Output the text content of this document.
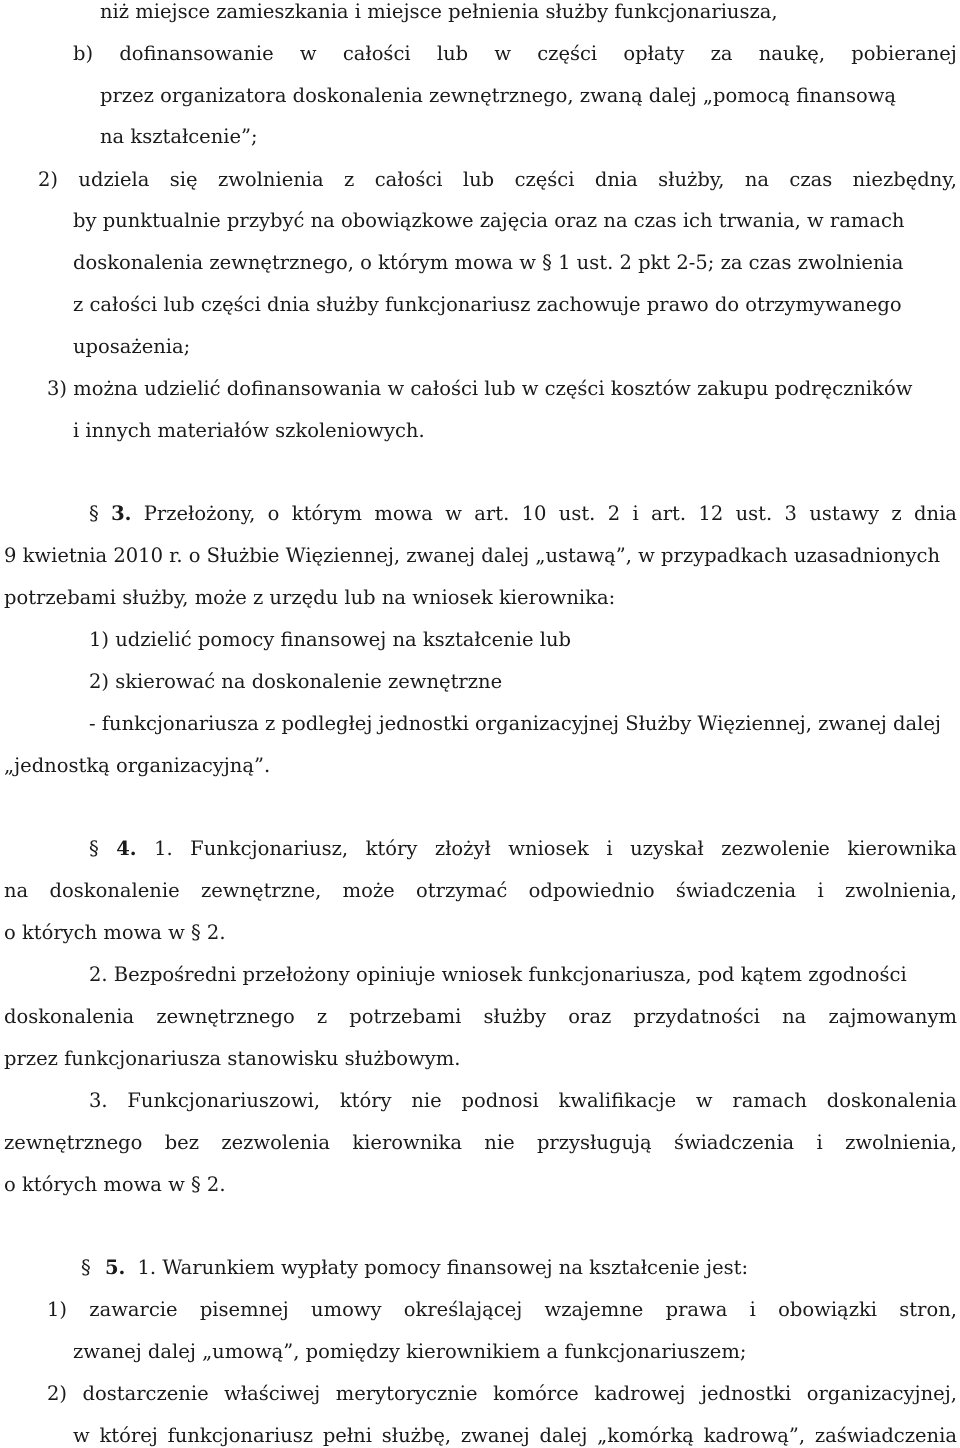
niż miejsce zamieszkania i miejsce pełnienia służby funkcjonariusza,
b) dofinansowanie w całości lub w części opłaty za naukę, pobieranej
przez organizatora doskonalenia zewnętrznego, zwaną dalej „pomocą finansową
na kształcenie”;
2) udziela się zwolnienia z całości lub części dnia służby, na czas niezbędny,
by punktualnie przybyć na obowiązkowe zajęcia oraz na czas ich trwania, w ramach
doskonalenia zewnętrznego, o którym mowa w § 1 ust. 2 pkt 2-5; za czas zwolnienia
z całości lub części dnia służby funkcjonariusz zachowuje prawo do otrzymywanego
uposażenia;
3) można udzielić dofinansowania w całości lub w części kosztów zakupu podręczników
i innych materiałów szkoleniowych.
§ 3. Przełożony, o którym mowa w art. 10 ust. 2 i art. 12 ust. 3 ustawy z dnia
9 kwietnia 2010 r. o Służbie Więziennej, zwanej dalej „ustawą”, w przypadkach uzasadnionych
potrzebami służby, może z urzędu lub na wniosek kierownika:
1) udzielić pomocy finansowej na kształcenie lub
2) skierować na doskonalenie zewnętrzne
- funkcjonariusza z podległej jednostki organizacyjnej Służby Więziennej, zwanej dalej
„jednostką organizacyjną”.
§ 4. 1. Funkcjonariusz, który złożył wniosek i uzyskał zezwolenie kierownika
na doskonalenie zewnętrzne, może otrzymać odpowiednio świadczenia i zwolnienia,
o których mowa w § 2.
2. Bezpośredni przełożony opiniuje wniosek funkcjonariusza, pod kątem zgodności
doskonalenia zewnętrznego z potrzebami służby oraz przydatności na zajmowanym
przez funkcjonariusza stanowisku służbowym.
3. Funkcjonariuszowi, który nie podnosi kwalifikacje w ramach doskonalenia
zewnętrznego bez zezwolenia kierownika nie przysługują świadczenia i zwolnienia,
o których mowa w § 2.
§ 5. 1. Warunkiem wypłaty pomocy finansowej na kształcenie jest:
1) zawarcie pisemnej umowy określającej wzajemne prawa i obowiązki stron,
zwanej dalej „umową”, pomiędzy kierownikiem a funkcjonariuszem;
2) dostarczenie właściwej merytorycznie komórce kadrowej jednostki organizacyjnej,
w której funkcjonariusz pełni służbę, zwanej dalej „komórką kadrową”, zaświadczenia
